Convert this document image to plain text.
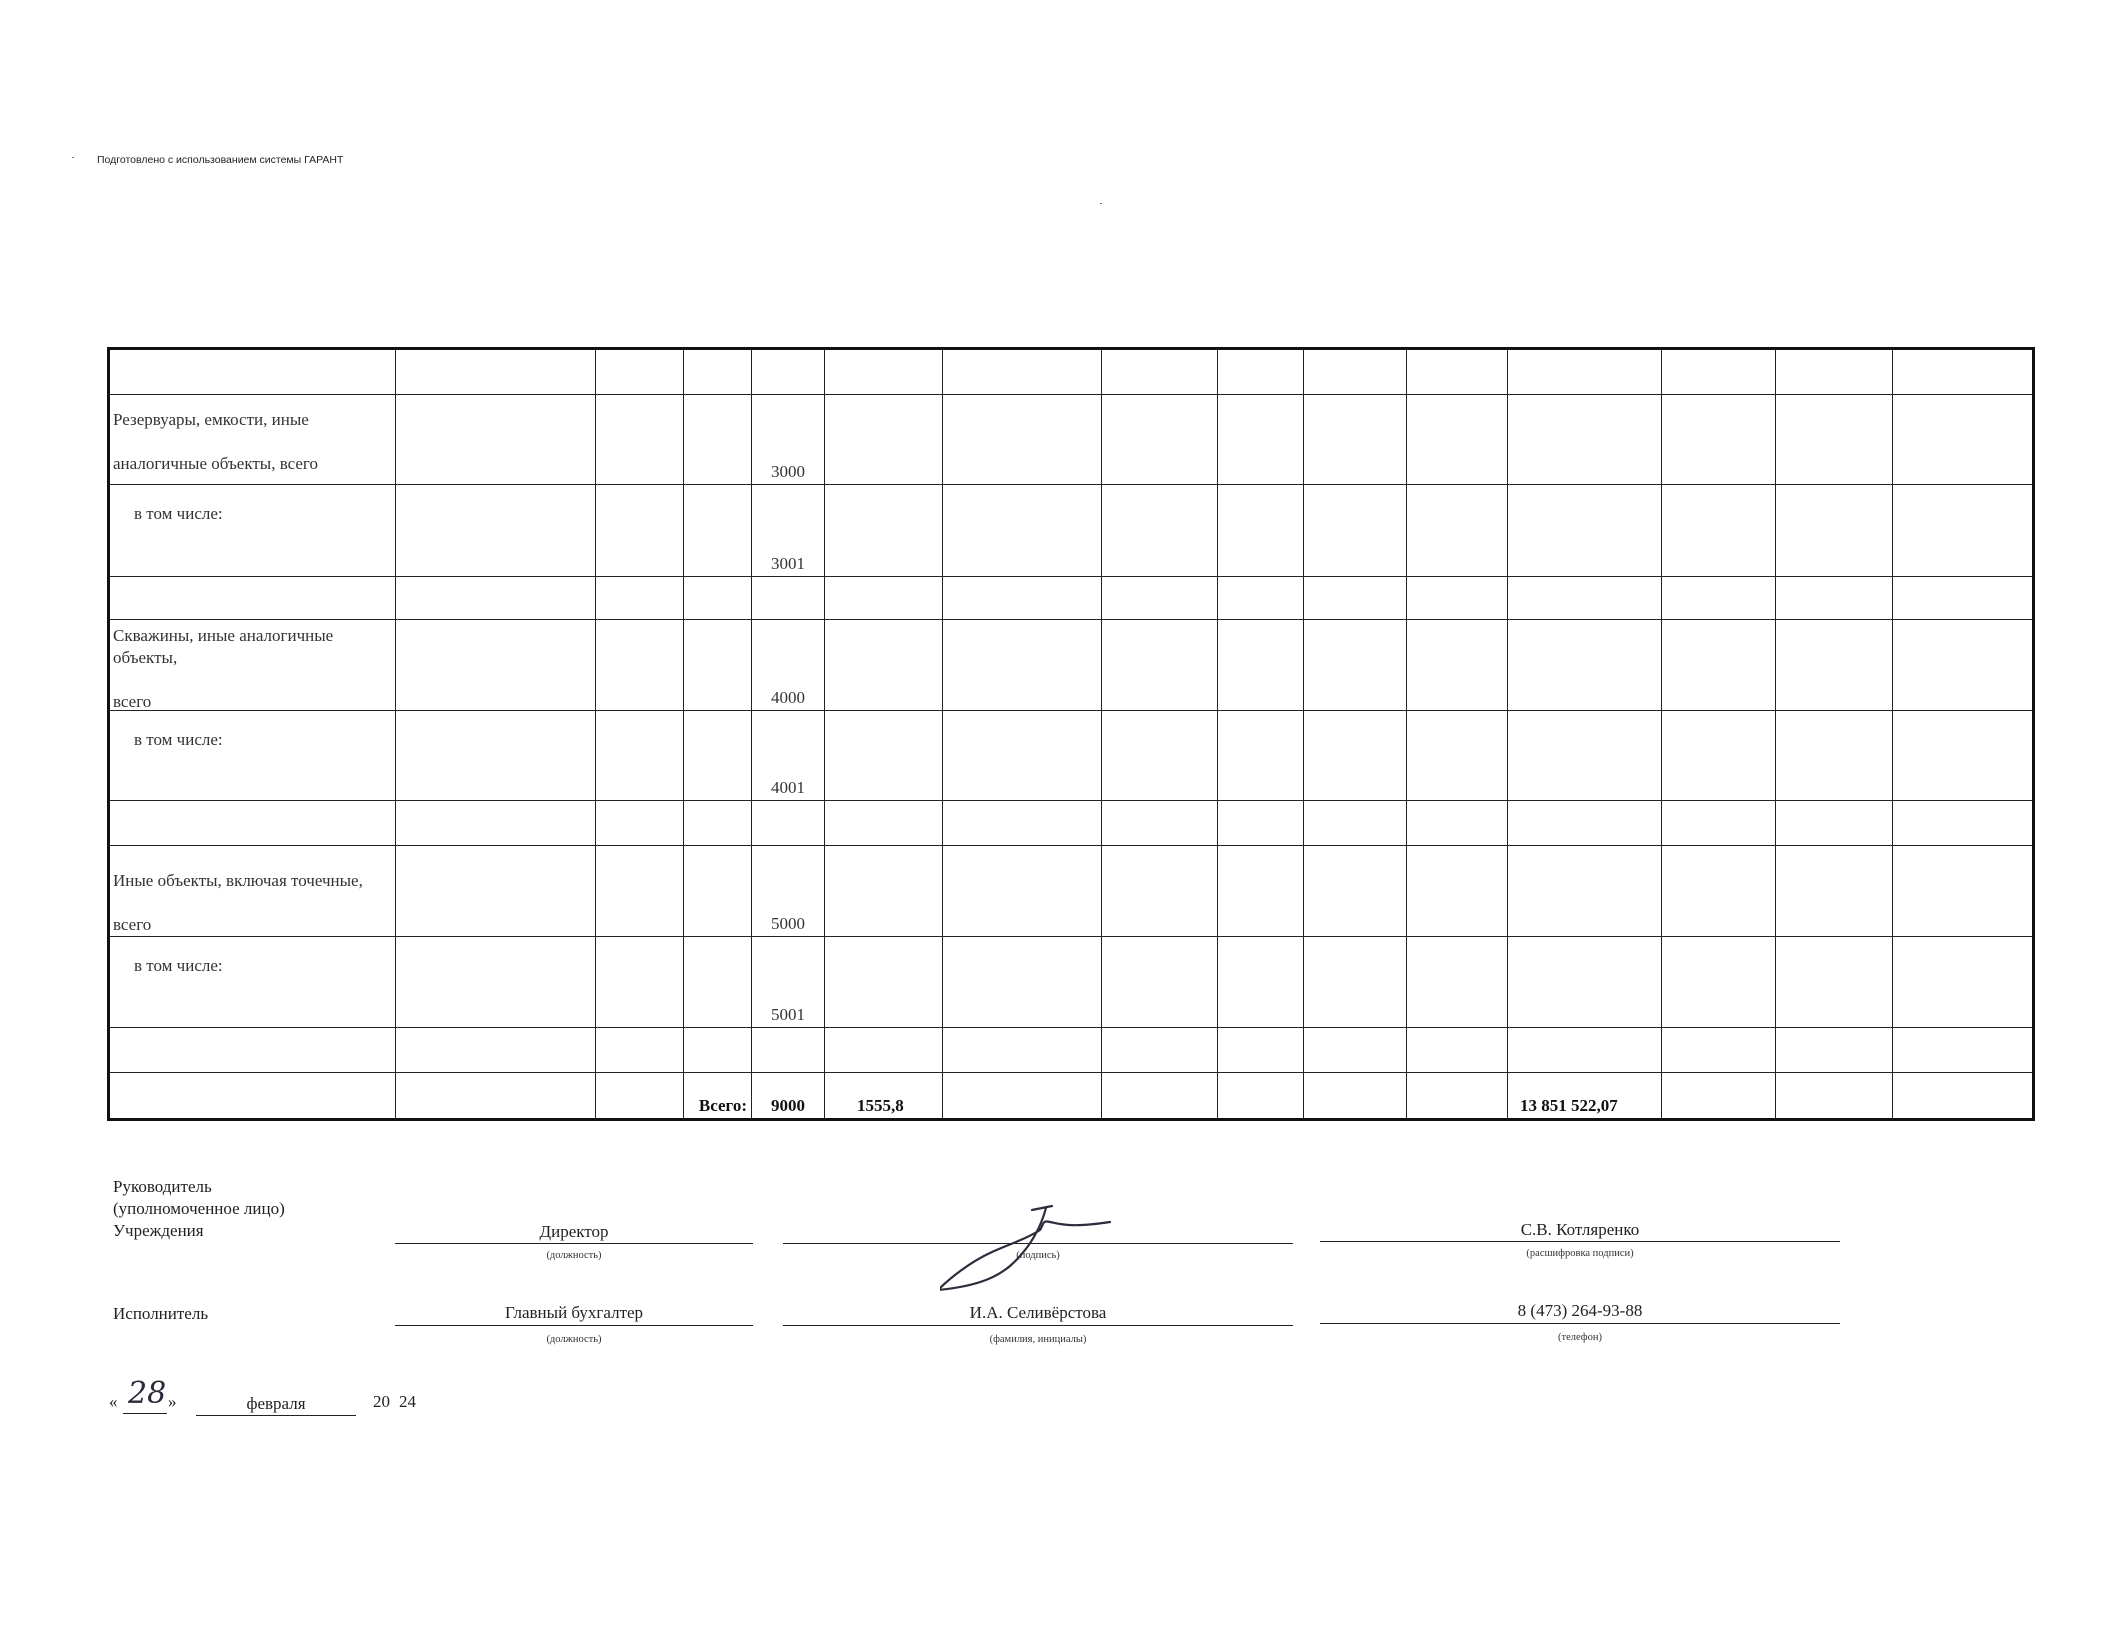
Подготовлено с использованием системы ГАРАНТ

Резервуары, емкости, иные

аналогичные объекты, всего				3000										

в том числе:				3001										

Скважины, иные аналогичные
объекты,
всего				4000										

в том числе:				4001										

Иные объекты, включая точечные,

всего				5000										

в том числе:				5001										

			Всего:	9000	1555,8						13 851 522,07			

Руководитель
(уполномоченное лицо)
Учреждения	Директор
(должность)	(подпись)
С.В. Котляренко
(расшифровка подписи)
Исполнитель	Главный бухгалтер
(должность)
И.А. Селивёрстова
(фамилия, инициалы)
8 (473) 264-93-88
(телефон)
« 28 »	февраля	20 24
